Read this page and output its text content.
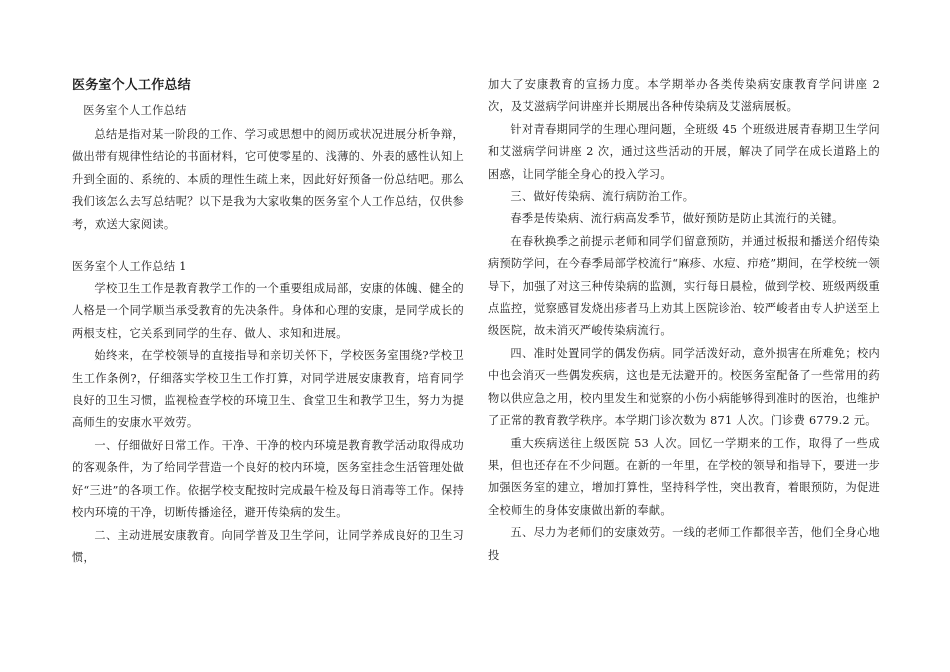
医务室个人工作总结

医务室个人工作总结

总结是指对某一阶段的工作、学习或思想中的阅历或状况进展分析争辩，做出带有规律性结论的书面材料，它可使零星的、浅薄的、外表的感性认知上升到全面的、系统的、本质的理性生疏上来，因此好好预备一份总结吧。那么我们该怎么去写总结呢？以下是我为大家收集的医务室个人工作总结，仅供参考，欢送大家阅读。

医务室个人工作总结 1

学校卫生工作是教育教学工作的一个重要组成局部，安康的体魄、健全的人格是一个同学顺当承受教育的先决条件。身体和心理的安康，是同学成长的两根支柱，它关系到同学的生存、做人、求知和进展。

始终来，在学校领导的直接指导和亲切关怀下，学校医务室围绕?学校卫生工作条例?，仔细落实学校卫生工作打算，对同学进展安康教育，培育同学良好的卫生习惯，监视检查学校的环境卫生、食堂卫生和教学卫生，努力为提高师生的安康水平效劳。

一、仔细做好日常工作。干净、干净的校内环境是教育教学活动取得成功的客观条件，为了给同学营造一个良好的校内环境，医务室挂念生活管理处做好“三进”的各项工作。依据学校支配按时完成最午检及每日消毒等工作。保持校内环境的干净，切断传播途径，避开传染病的发生。

二、主动进展安康教育。向同学普及卫生学问，让同学养成良好的卫生习惯，

加大了安康教育的宣扬力度。本学期举办各类传染病安康教育学问讲座 2 次，及艾滋病学问讲座并长期展出各种传染病及艾滋病展板。

针对青春期同学的生理心理问题，全班级 45 个班级进展青春期卫生学问和艾滋病学问讲座 2 次，通过这些活动的开展，解决了同学在成长道路上的困惑，让同学能全身心的投入学习。

三、做好传染病、流行病防治工作。

春季是传染病、流行病高发季节，做好预防是防止其流行的关键。

在春秋换季之前提示老师和同学们留意预防，并通过板报和播送介绍传染病预防学问，在今春季局部学校流行“麻疹、水痘、疖疮”期间，在学校统一领导下，加强了对这三种传染病的监测，实行每日晨检，做到学校、班级两级重点监控，觉察感冒发烧出疹者马上劝其上医院诊治、较严峻者由专人护送至上级医院，故未消灭严峻传染病流行。

四、准时处置同学的偶发伤病。同学活泼好动，意外损害在所难免；校内中也会消灭一些偶发疾病，这也是无法避开的。校医务室配备了一些常用的药物以供应急之用，校内里发生和觉察的小伤小病能够得到准时的医治，也维护了正常的教育教学秩序。本学期门诊次数为 871 人次。门诊费 6779.2 元。

重大疾病送往上级医院 53 人次。回忆一学期来的工作，取得了一些成果，但也还存在不少问题。在新的一年里，在学校的领导和指导下，要进一步加强医务室的建立，增加打算性，坚持科学性，突出教育，着眼预防，为促进全校师生的身体安康做出新的奉献。

五、尽力为老师们的安康效劳。一线的老师工作都很辛苦，他们全身心地投
